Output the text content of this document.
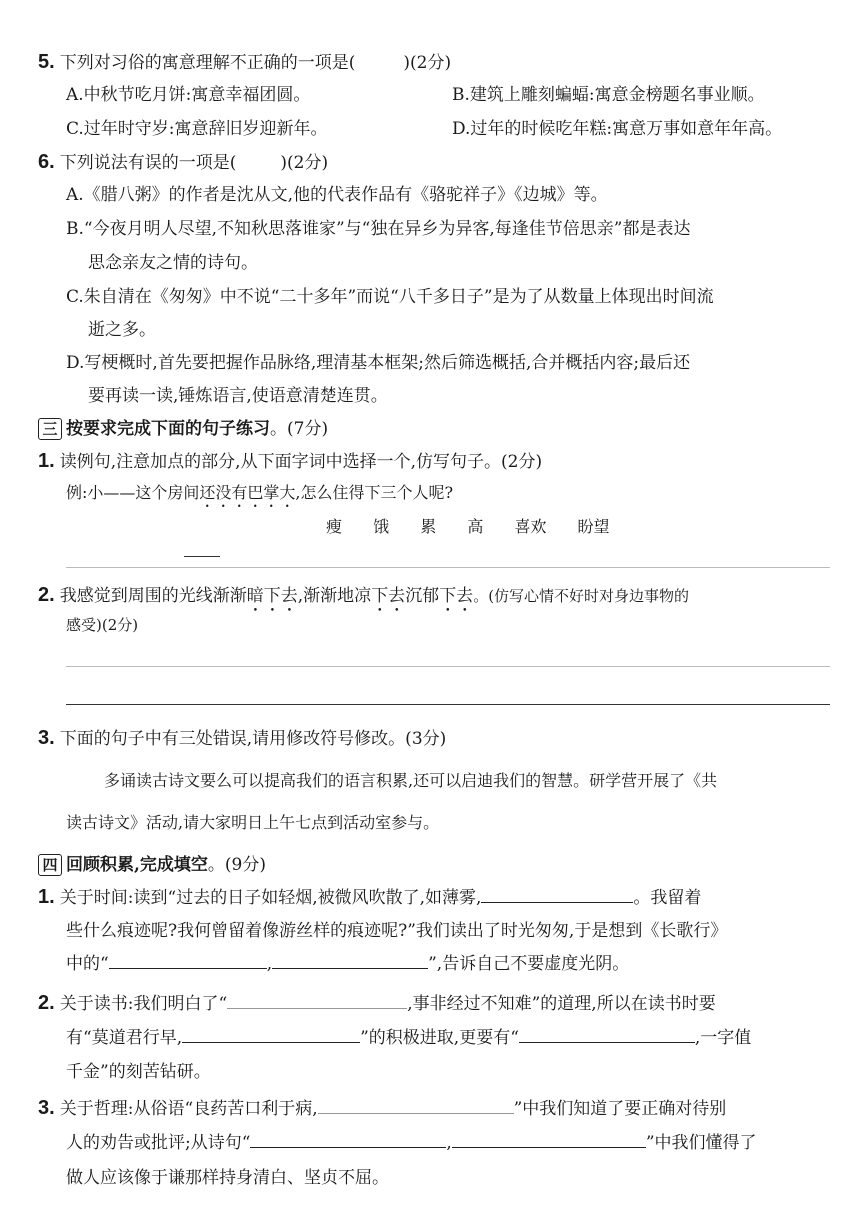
5. 下列对习俗的寓意理解不正确的一项是(	)(2分)
A.中秋节吃月饼:寓意幸福团圆。	B.建筑上雕刻蝙蝠:寓意金榜题名事业顺。
C.过年时守岁:寓意辞旧岁迎新年。	D.过年的时候吃年糕:寓意万事如意年年高。
6. 下列说法有误的一项是(	)(2分)
A.《腊八粥》的作者是沈从文,他的代表作品有《骆驼祥子》《边城》等。
B.“今夜月明人尽望,不知秋思落谁家”与“独在异乡为异客,每逢佳节倍思亲”都是表达
思念亲友之情的诗句。
C.朱自清在《匆匆》中不说“二十多年”而说“八千多日子”是为了从数量上体现出时间流
逝之多。
D.写梗概时,首先要把握作品脉络,理清基本框架;然后筛选概括,合并概括内容;最后还
要再读一读,锤炼语言,使语意清楚连贯。
三 按要求完成下面的句子练习。(7分)
1. 读例句,注意加点的部分,从下面字词中选择一个,仿写句子。(2分)
例:小——这个房间还没有巴掌大,怎么住得下三个人呢?
瘦 饿 累 高 喜欢 盼望
2. 我感觉到周围的光线渐渐暗下去,渐渐地凉下去沉郁下去。(仿写心情不好时对身边事物的
感受)(2分)
3. 下面的句子中有三处错误,请用修改符号修改。(3分)
多诵读古诗文要么可以提高我们的语言积累,还可以启迪我们的智慧。研学营开展了《共
读古诗文》活动,请大家明日上午七点到活动室参与。
四 回顾积累,完成填空。(9分)
1. 关于时间:读到“过去的日子如轻烟,被微风吹散了,如薄雾,	。我留着
些什么痕迹呢?我何曾留着像游丝样的痕迹呢?”我们读出了时光匆匆,于是想到《长歌行》
中的“	,	”,告诉自己不要虚度光阴。
2. 关于读书:我们明白了“	,事非经过不知难”的道理,所以在读书时要
有“莫道君行早,	”的积极进取,更要有“	,一字值
千金”的刻苦钻研。
3. 关于哲理:从俗语“良药苦口利于病,	”中我们知道了要正确对待别
人的劝告或批评;从诗句“	,	”中我们懂得了
做人应该像于谦那样持身清白、坚贞不屈。
